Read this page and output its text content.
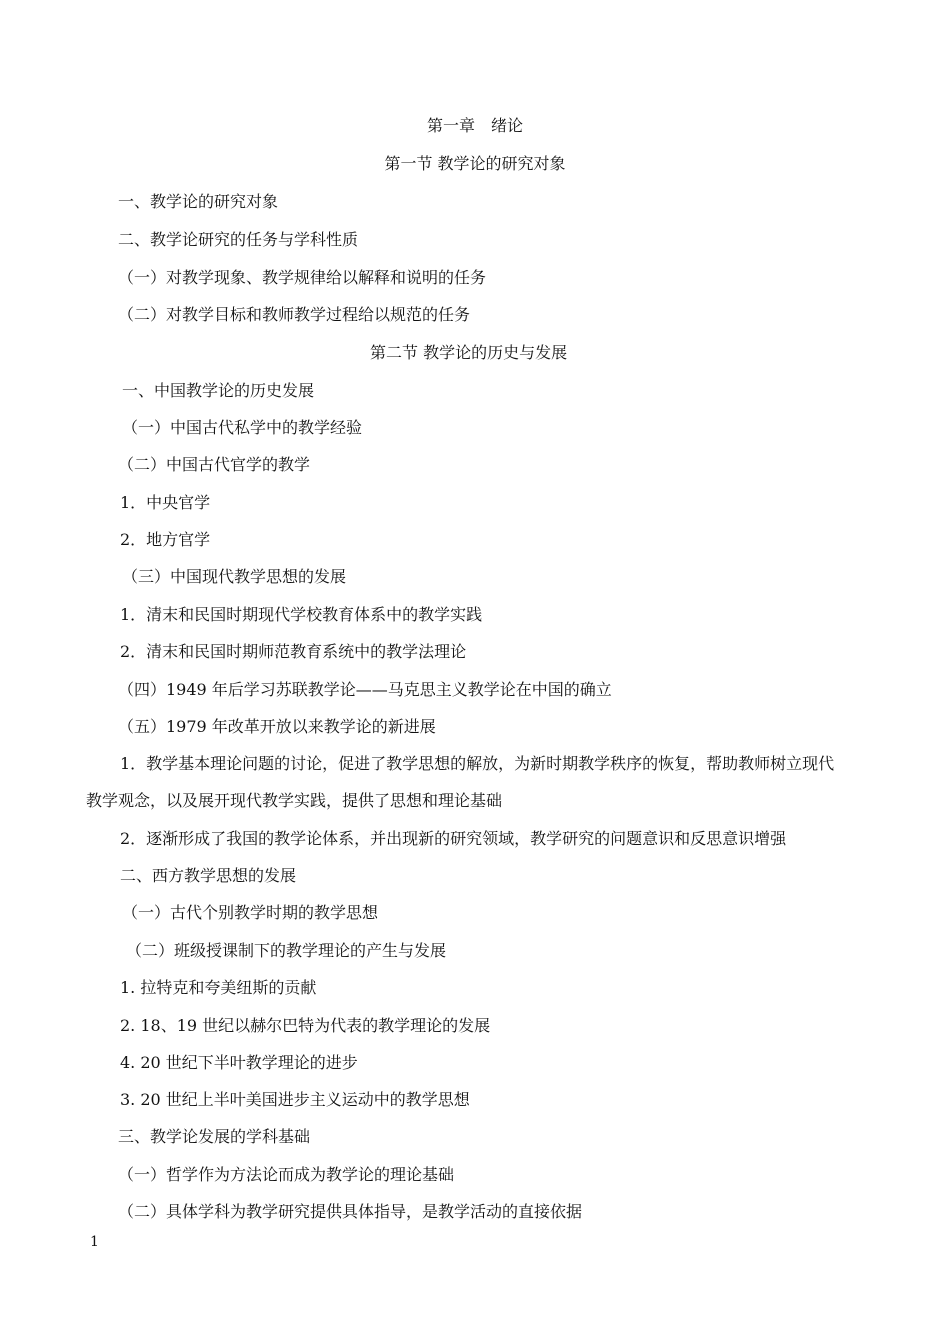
第一章　绪论
第一节 教学论的研究对象
一、教学论的研究对象
二、教学论研究的任务与学科性质
（一）对教学现象、教学规律给以解释和说明的任务
（二）对教学目标和教师教学过程给以规范的任务
第二节 教学论的历史与发展
一、中国教学论的历史发展
（一）中国古代私学中的教学经验
（二）中国古代官学的教学
1．中央官学
2．地方官学
（三）中国现代教学思想的发展
1．清末和民国时期现代学校教育体系中的教学实践
2．清末和民国时期师范教育系统中的教学法理论
（四）1949 年后学习苏联教学论——马克思主义教学论在中国的确立
（五）1979 年改革开放以来教学论的新进展
1．教学基本理论问题的讨论，促进了教学思想的解放，为新时期教学秩序的恢复，帮助教师树立现代
教学观念，以及展开现代教学实践，提供了思想和理论基础
2．逐渐形成了我国的教学论体系，并出现新的研究领域，教学研究的问题意识和反思意识增强
二、西方教学思想的发展
（一）古代个别教学时期的教学思想
（二）班级授课制下的教学理论的产生与发展
1. 拉特克和夸美纽斯的贡献
2. 18、19 世纪以赫尔巴特为代表的教学理论的发展
4. 20 世纪下半叶教学理论的进步
3. 20 世纪上半叶美国进步主义运动中的教学思想
三、教学论发展的学科基础
（一）哲学作为方法论而成为教学论的理论基础
（二）具体学科为教学研究提供具体指导，是教学活动的直接依据
1
